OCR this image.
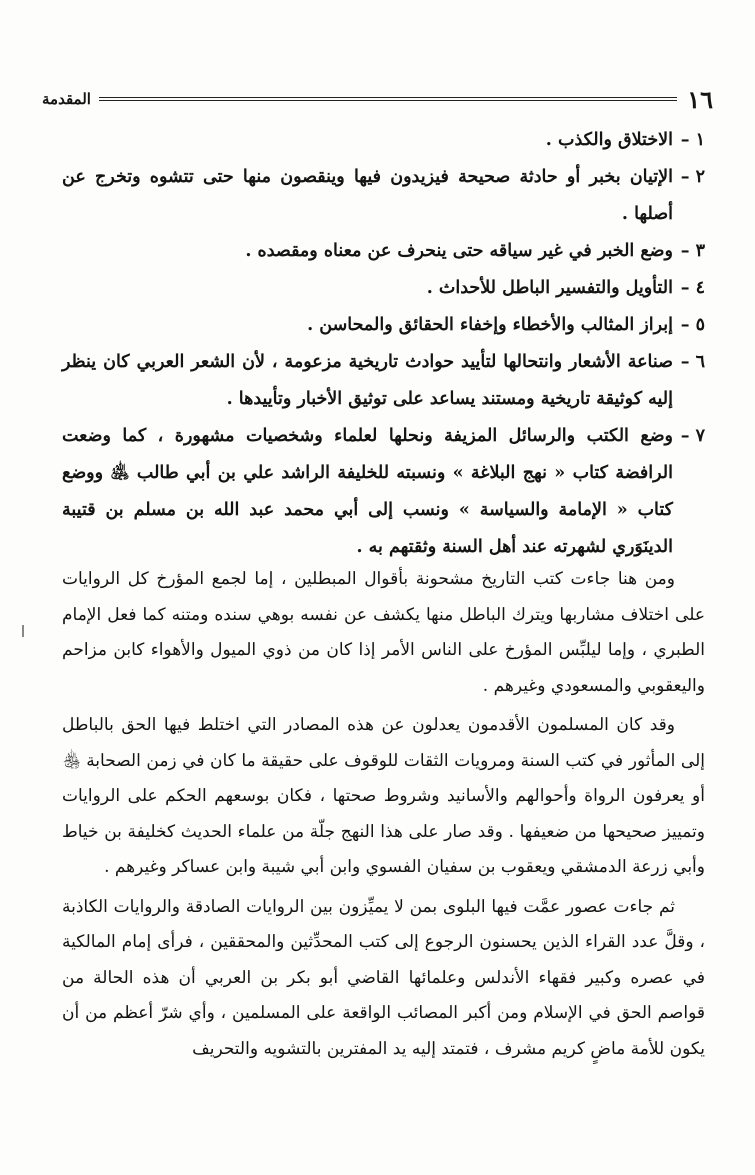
١٦
المقدمة
١ –
الاختلاق والكذب .
٢ –
الإتيان بخبر أو حادثة صحيحة فيزيدون فيها وينقصون منها حتى تتشوه وتخرج عن أصلها .
٣ –
وضع الخبر في غير سياقه حتى ينحرف عن معناه ومقصده .
٤ –
التأويل والتفسير الباطل للأحداث .
٥ –
إبراز المثالب والأخطاء وإخفاء الحقائق والمحاسن .
٦ –
صناعة الأشعار وانتحالها لتأييد حوادث تاريخية مزعومة ، لأن الشعر العربي كان ينظر إليه كوثيقة تاريخية ومستند يساعد على توثيق الأخبار وتأييدها .
٧ –
وضع الكتب والرسائل المزيفة ونحلها لعلماء وشخصيات مشهورة ، كما وضعت الرافضة كتاب « نهج البلاغة » ونسبته للخليفة الراشد علي بن أبي طالب ﵁ ووضع كتاب « الإمامة والسياسة » ونسب إلى أبي محمد عبد الله بن مسلم بن قتيبة الدينَوَري لشهرته عند أهل السنة وثقتهم به .

ومن هنا جاءت كتب التاريخ مشحونة بأقوال المبطلين ، إما لجمع المؤرخ كل الروايات على اختلاف مشاربها ويترك الباطل منها يكشف عن نفسه بوهي سنده ومتنه كما فعل الإمام الطبري ، وإما ليلبِّس المؤرخ على الناس الأمر إذا كان من ذوي الميول والأهواء كابن مزاحم واليعقوبي والمسعودي وغيرهم .

وقد كان المسلمون الأقدمون يعدلون عن هذه المصادر التي اختلط فيها الحق بالباطل إلى المأثور في كتب السنة ومرويات الثقات للوقوف على حقيقة ما كان في زمن الصحابة ﵃ أو يعرفون الرواة وأحوالهم والأسانيد وشروط صحتها ، فكان بوسعهم الحكم على الروايات وتمييز صحيحها من ضعيفها . وقد صار على هذا النهج جلّة من علماء الحديث كخليفة بن خياط وأبي زرعة الدمشقي ويعقوب بن سفيان الفسوي وابن أبي شيبة وابن عساكر وغيرهم .

ثم جاءت عصور عمَّت فيها البلوى بمن لا يميِّزون بين الروايات الصادقة والروايات الكاذبة ، وقلَّ عدد القراء الذين يحسنون الرجوع إلى كتب المحدِّثين والمحققين ، فرأى إمام المالكية في عصره وكبير فقهاء الأندلس وعلمائها القاضي أبو بكر بن العربي أن هذه الحالة من قواصم الحق في الإسلام ومن أكبر المصائب الواقعة على المسلمين ، وأي شرّ أعظم من أن يكون للأمة ماضٍ كريم مشرف ، فتمتد إليه يد المفترين بالتشويه والتحريف
